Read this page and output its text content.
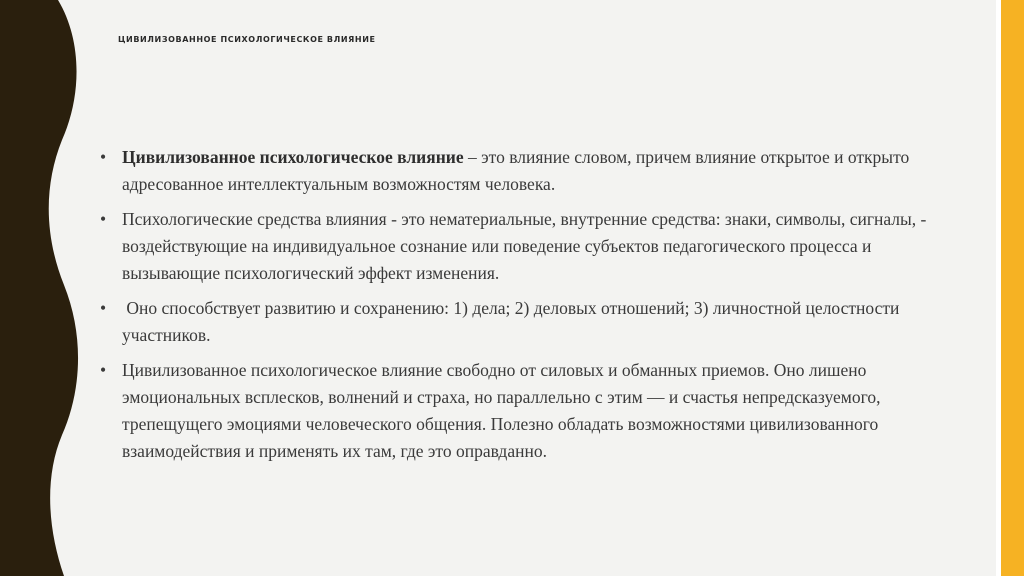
ЦИВИЛИЗОВАННОЕ ПСИХОЛОГИЧЕСКОЕ ВЛИЯНИЕ
• Цивилизованное психологическое влияние – это влияние словом, причем влияние открытое и открыто адресованное интеллектуальным возможностям человека.
• Психологические средства влияния - это нематериальные, внутренние средства: знаки, символы, сигналы, - воздействующие на индивидуальное сознание или поведение субъектов педагогического процесса и вызывающие психологический эффект изменения.
• Оно способствует развитию и сохранению: 1) дела; 2) деловых отношений; 3) личностной целостности участников.
• Цивилизованное психологическое влияние свободно от силовых и обманных приемов. Оно лишено эмоциональных всплесков, волнений и страха, но параллельно с этим — и счастья непредсказуемого, трепещущего эмоциями человеческого общения. Полезно обладать возможностями цивилизованного взаимодействия и применять их там, где это оправданно.
